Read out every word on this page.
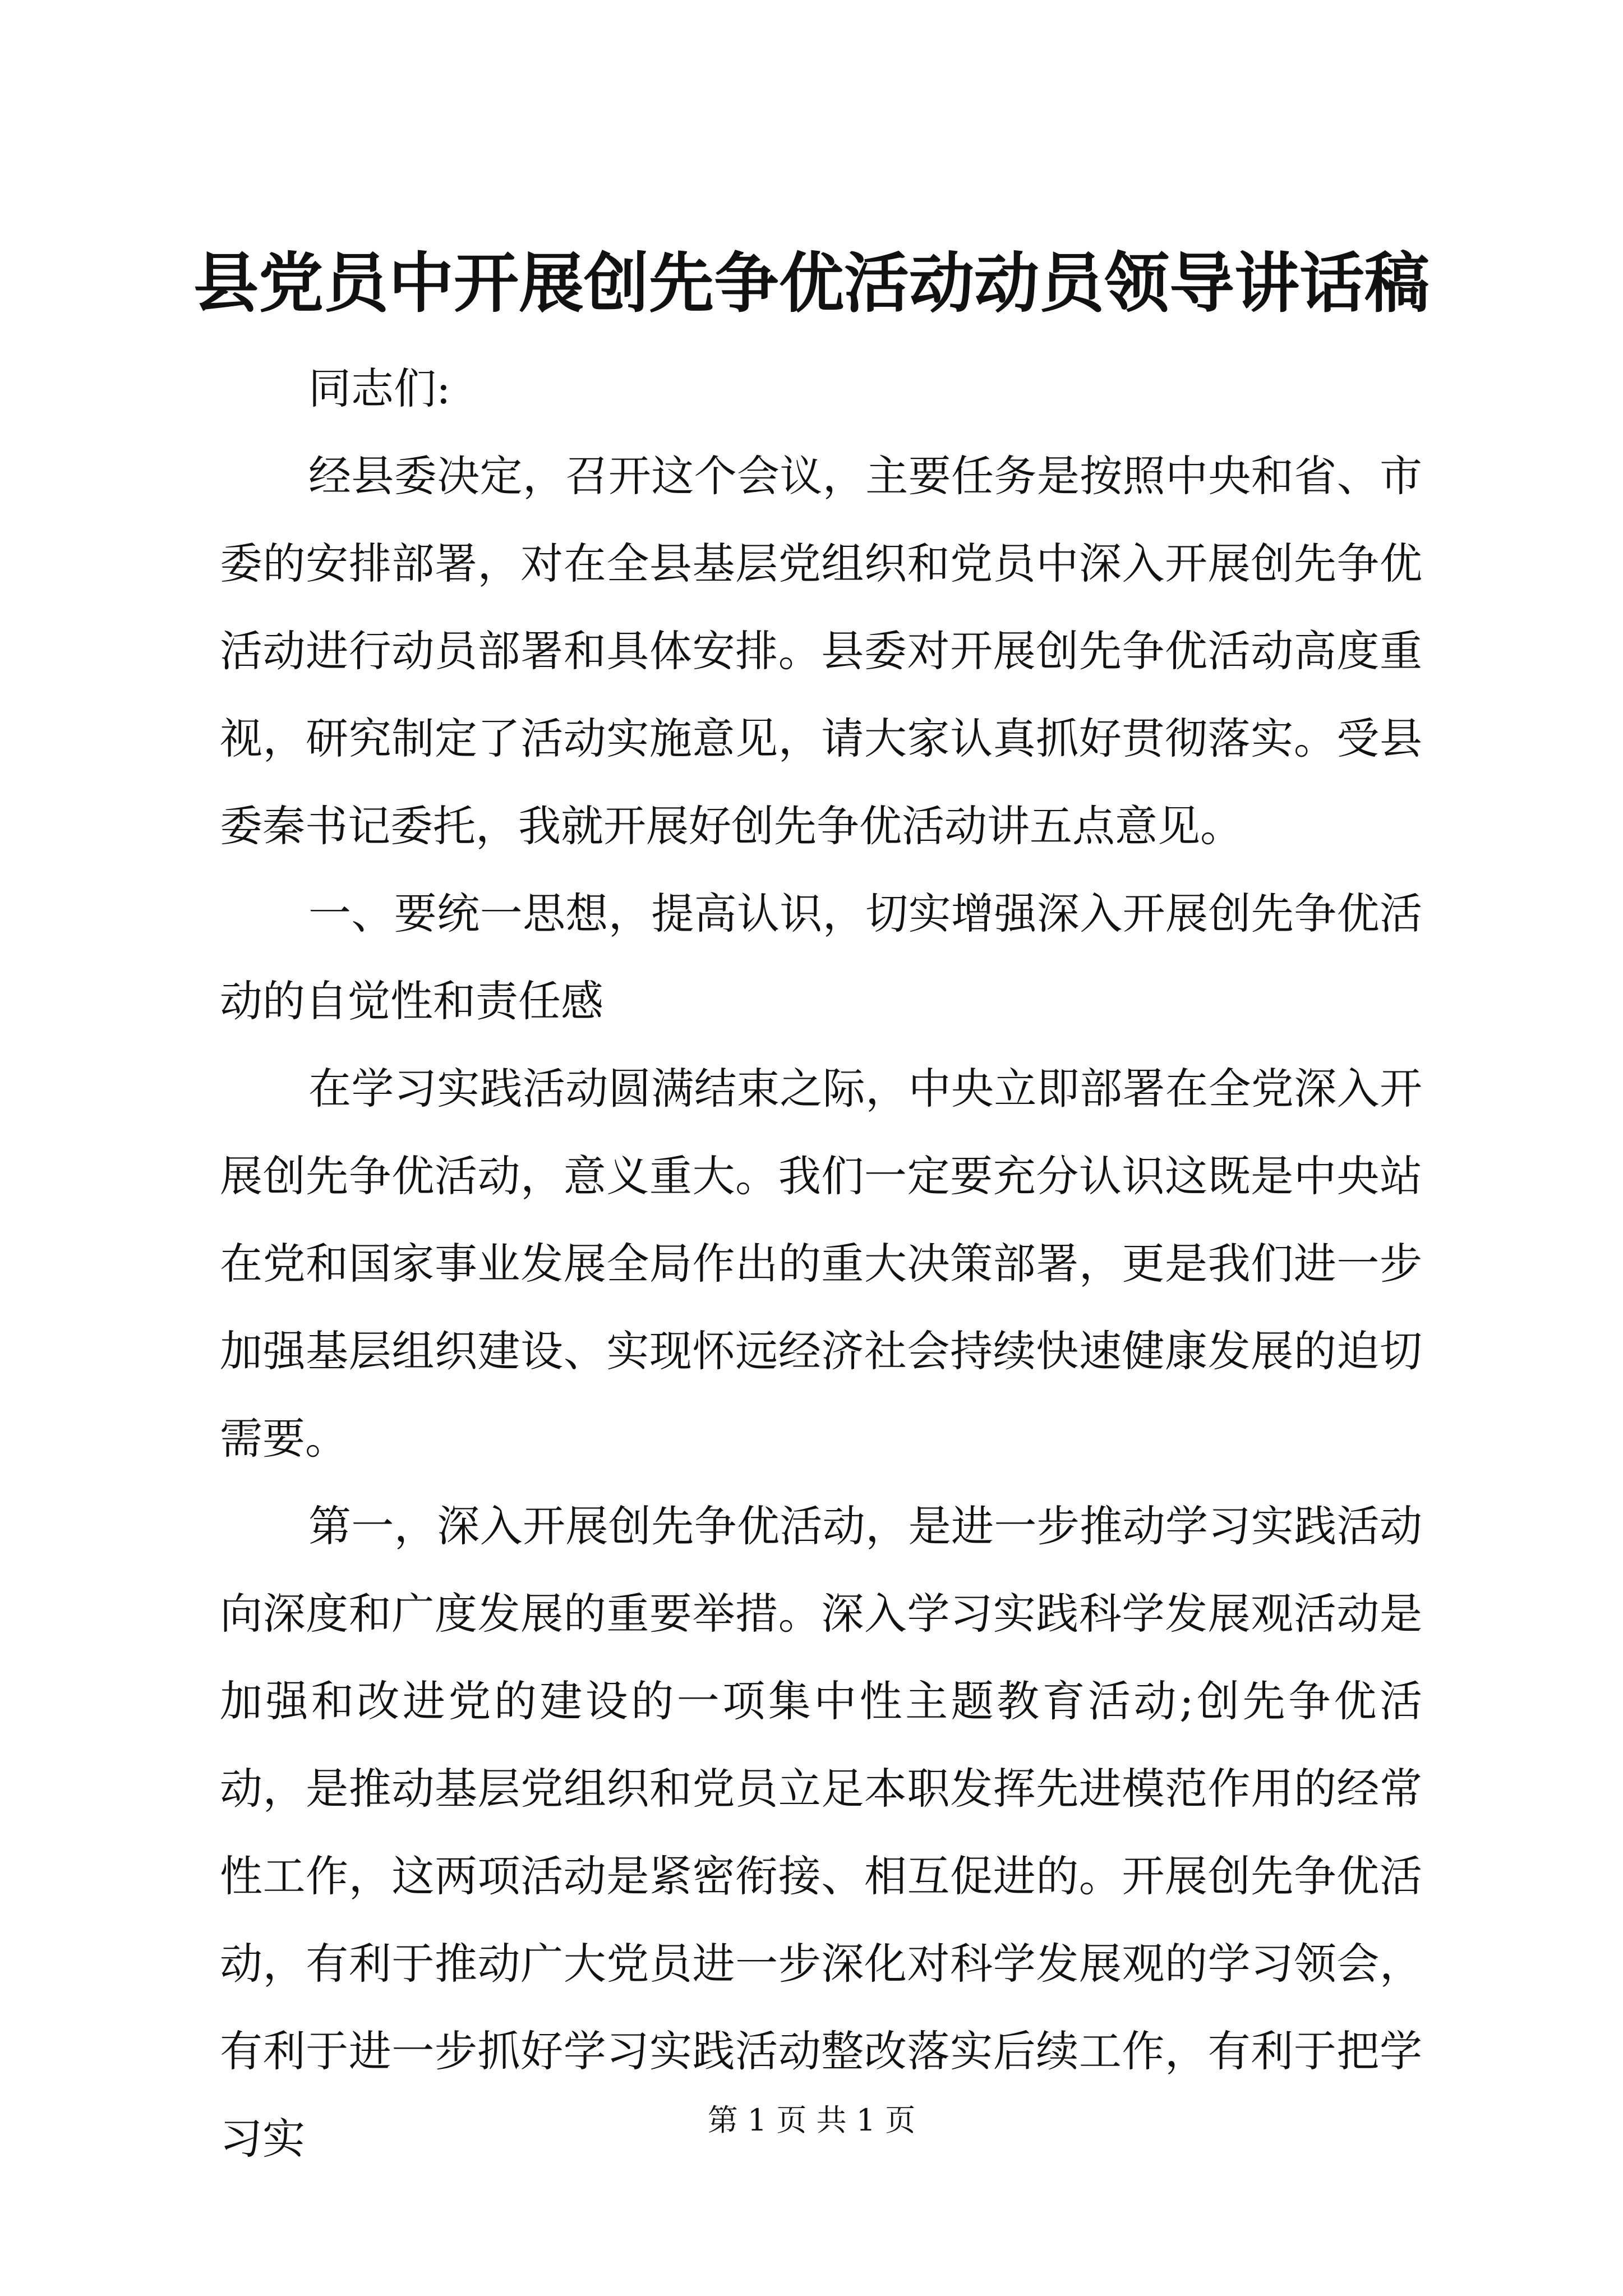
县党员中开展创先争优活动动员领导讲话稿

同志们:

经县委决定，召开这个会议，主要任务是按照中央和省、市委的安排部署，对在全县基层党组织和党员中深入开展创先争优活动进行动员部署和具体安排。县委对开展创先争优活动高度重视，研究制定了活动实施意见，请大家认真抓好贯彻落实。受县委秦书记委托，我就开展好创先争优活动讲五点意见。

一、要统一思想，提高认识，切实增强深入开展创先争优活动的自觉性和责任感

在学习实践活动圆满结束之际，中央立即部署在全党深入开展创先争优活动，意义重大。我们一定要充分认识这既是中央站在党和国家事业发展全局作出的重大决策部署，更是我们进一步加强基层组织建设、实现怀远经济社会持续快速健康发展的迫切需要。

第一，深入开展创先争优活动，是进一步推动学习实践活动向深度和广度发展的重要举措。深入学习实践科学发展观活动是加强和改进党的建设的一项集中性主题教育活动;创先争优活动，是推动基层党组织和党员立足本职发挥先进模范作用的经常性工作，这两项活动是紧密衔接、相互促进的。开展创先争优活动，有利于推动广大党员进一步深化对科学发展观的学习领会，有利于进一步抓好学习实践活动整改落实后续工作，有利于把学习实	第 1 页 共 1 页
